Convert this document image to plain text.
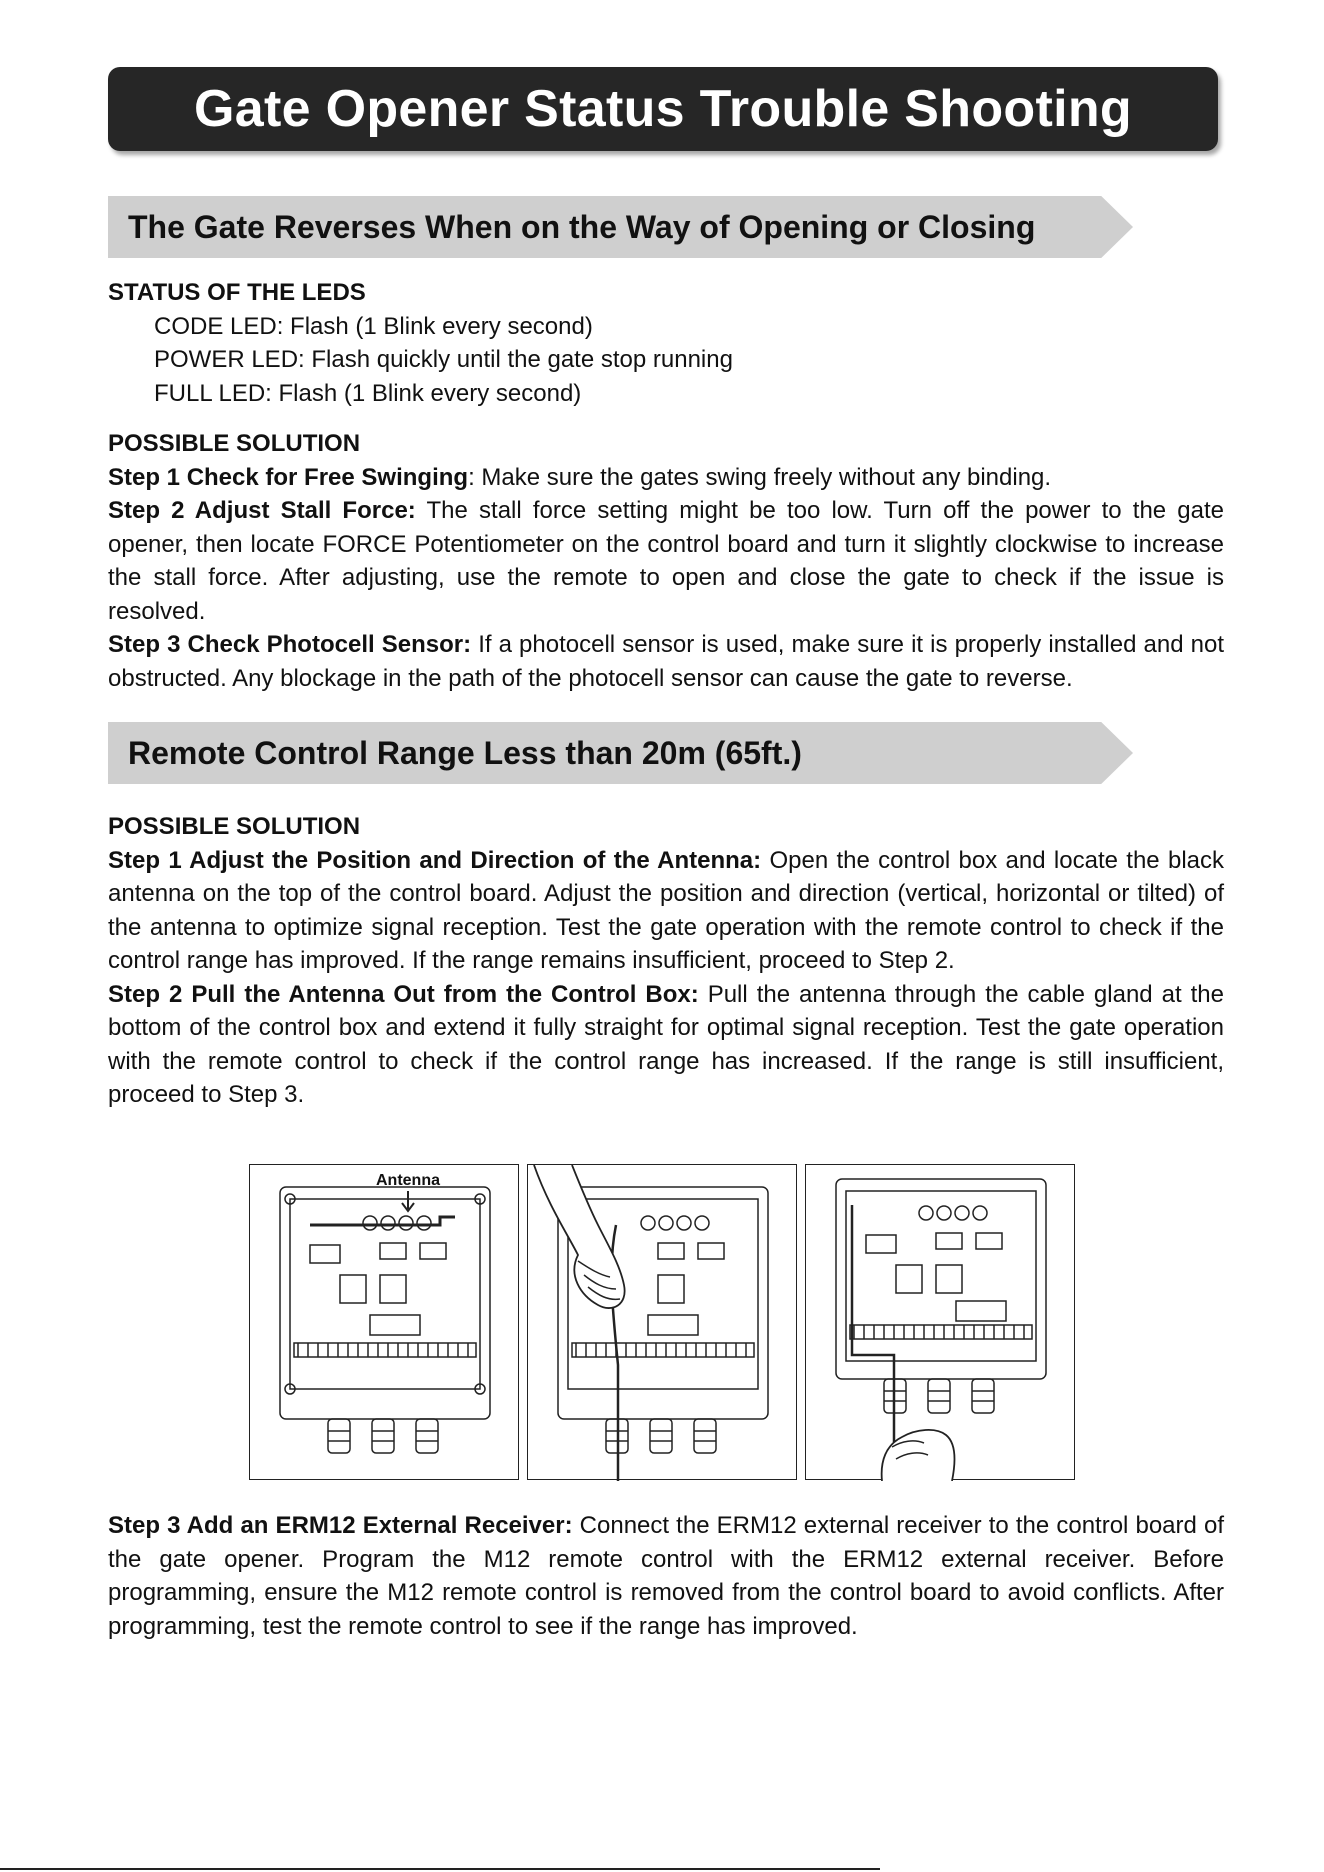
Gate Opener Status Trouble Shooting
The Gate Reverses When on the Way of Opening or Closing
STATUS OF THE LEDS
CODE LED: Flash (1 Blink every second)
POWER LED: Flash quickly until the gate stop running
FULL LED: Flash (1 Blink every second)
POSSIBLE SOLUTION
Step 1 Check for Free Swinging: Make sure the gates swing freely without any binding.
Step 2 Adjust Stall Force: The stall force setting might be too low. Turn off the power to the gate opener, then locate FORCE Potentiometer on the control board and turn it slightly clockwise to increase the stall force. After adjusting, use the remote to open and close the gate to check if the issue is resolved.
Step 3 Check Photocell Sensor: If a photocell sensor is used, make sure it is properly installed and not obstructed. Any blockage in the path of the photocell sensor can cause the gate to reverse.
Remote Control Range Less than 20m (65ft.)
POSSIBLE SOLUTION
Step 1 Adjust the Position and Direction of the Antenna: Open the control box and locate the black antenna on the top of the control board. Adjust the position and direction (vertical, horizontal or tilted) of the antenna to optimize signal reception. Test the gate operation with the remote control to check if the control range has improved. If the range remains insufficient, proceed to Step 2.
Step 2 Pull the Antenna Out from the Control Box: Pull the antenna through the cable gland at the bottom of the control box and extend it fully straight for optimal signal reception. Test the gate operation with the remote control to check if the control range has increased. If the range is still insufficient, proceed to Step 3.
Antenna
Step 3 Add an ERM12 External Receiver: Connect the ERM12 external receiver to the control board of the gate opener. Program the M12 remote control with the ERM12 external receiver. Before programming, ensure the M12 remote control is removed from the control board to avoid conflicts. After programming, test the remote control to see if the range has improved.
